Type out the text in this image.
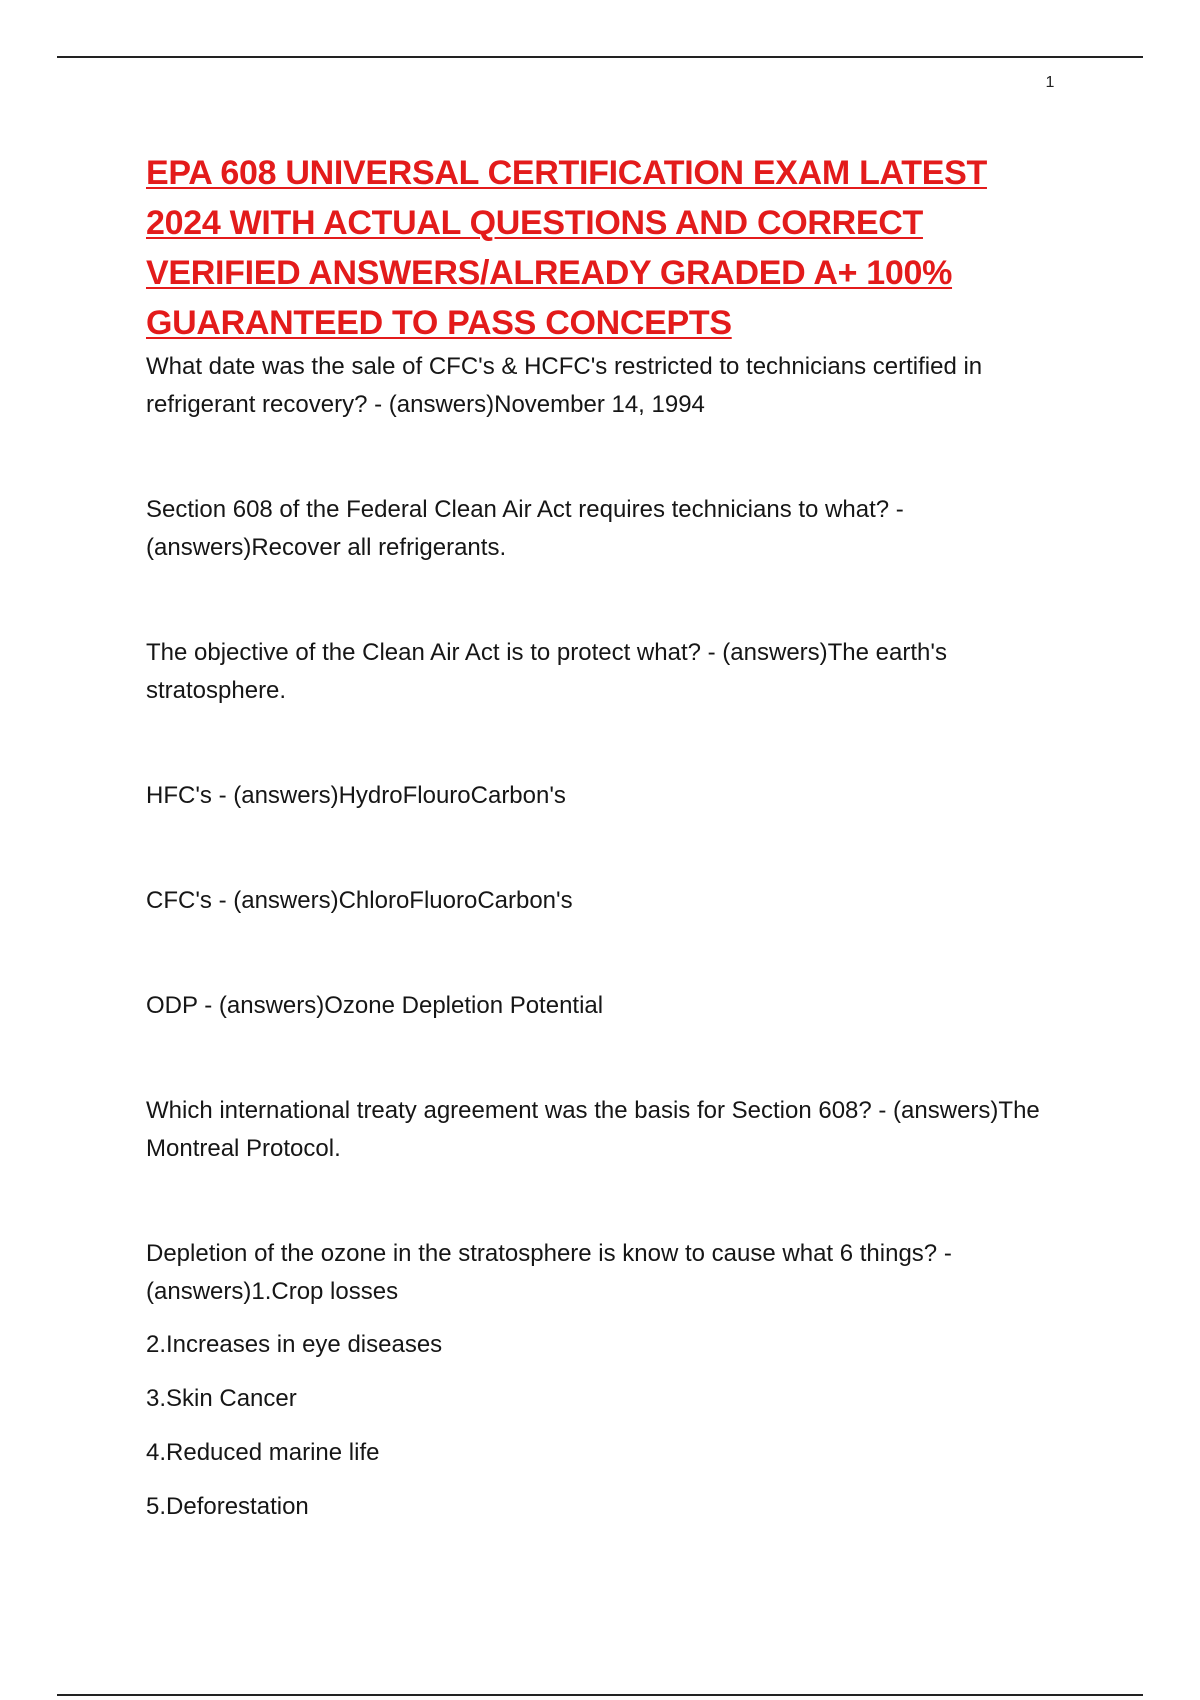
1
EPA 608 UNIVERSAL CERTIFICATION EXAM LATEST 2024 WITH ACTUAL QUESTIONS AND CORRECT VERIFIED ANSWERS/ALREADY GRADED A+ 100% GUARANTEED TO PASS CONCEPTS

What date was the sale of CFC's & HCFC's restricted to technicians certified in refrigerant recovery? - (answers)November 14, 1994

Section 608 of the Federal Clean Air Act requires technicians to what? - (answers)Recover all refrigerants.

The objective of the Clean Air Act is to protect what? - (answers)The earth's stratosphere.

HFC's - (answers)HydroFlouroCarbon's

CFC's - (answers)ChloroFluoroCarbon's

ODP - (answers)Ozone Depletion Potential

Which international treaty agreement was the basis for Section 608? - (answers)The Montreal Protocol.

Depletion of the ozone in the stratosphere is know to cause what 6 things? - (answers)1.Crop losses

2.Increases in eye diseases

3.Skin Cancer

4.Reduced marine life

5.Deforestation
